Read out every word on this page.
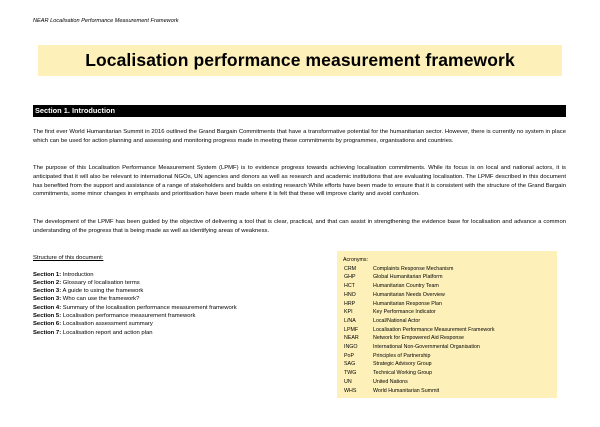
NEAR Localisation Performance Measurement Framework
Localisation performance measurement framework
Section 1. Introduction

The first ever World Humanitarian Summit in 2016 outlined the Grand Bargain Commitments that have a transformative potential for the humanitarian sector. However, there is currently no system in place which can be used for action planning and assessing and monitoring progress made in meeting these commitments by programmes, organisations and countries.

The purpose of this Localisation Performance Measurement System (LPMF) is to evidence progress towards achieving localisation commitments. While its focus is on local and national actors, it is anticipated that it will also be relevant to international NGOs, UN agencies and donors as well as research and academic institutions that are evaluating localisation. The LPMF described in this document has benefited from the support and assistance of a range of stakeholders and builds on existing research While efforts have been made to ensure that it is consistent with the structure of the Grand Bargain commitments, some minor changes in emphasis and prioritisation have been made where it is felt that these will improve clarity and avoid confusion.

The development of the LPMF has been guided by the objective of delivering a tool that is clear, practical, and that can assist in strengthening the evidence base for localisation and advance a common understanding of the progress that is being made as well as identifying areas of weakness.

Structure of this document:
Section 1: Introduction
Section 2: Glossary of localisation terms
Section 3: A guide to using the framework
Section 3: Who can use the framework?
Section 4: Summary of the localisation performance measurement framework
Section 5: Localisation performance measurement framework
Section 6: Localisation assessment summary
Section 7: Localisation report and action plan
Acronyms:
CRM	Complaints Response Mechanism
GHP	Global Humanitarian Platform
HCT	Humanitarian Country Team
HNO	Humanitarian Needs Overview
HRP	Humanitarian Response Plan
KPI	Key Performance Indicator
L/NA	Local/National Actor
LPMF	Localisation Performance Measurement Framework
NEAR	Network for Empowered Aid Response
INGO	International Non-Governmental Organisation
PoP	Principles of Partnership
SAG	Strategic Advisory Group
TWG	Technical Working Group
UN	United Nations
WHS	World Humanitarian Summit
